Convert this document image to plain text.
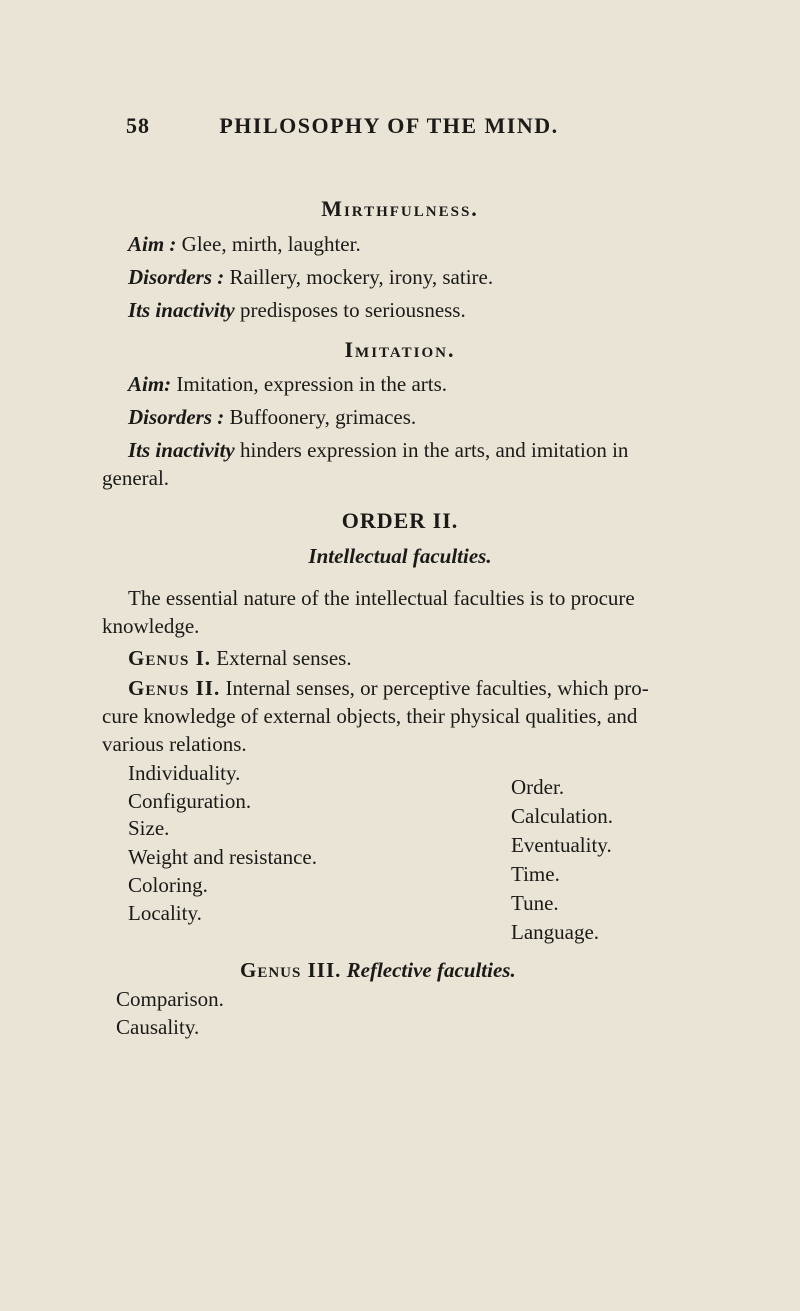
58	PHILOSOPHY OF THE MIND.
Mirthfulness.
Aim : Glee, mirth, laughter.
Disorders : Raillery, mockery, irony, satire.
Its inactivity predisposes to seriousness.
Imitation.
Aim: Imitation, expression in the arts.
Disorders : Buffoonery, grimaces.
Its inactivity hinders expression in the arts, and imitation in
general.
ORDER II.
Intellectual faculties.
The essential nature of the intellectual faculties is to procure
knowledge.
Genus I. External senses.
Genus II. Internal senses, or perceptive faculties, which pro-
cure knowledge of external objects, their physical qualities, and
various relations.
Individuality.
Configuration.
Size.
Weight and resistance.
Coloring.
Locality.
Order.
Calculation.
Eventuality.
Time.
Tune.
Language.
Genus III. Reflective faculties.
Comparison.
Causality.
